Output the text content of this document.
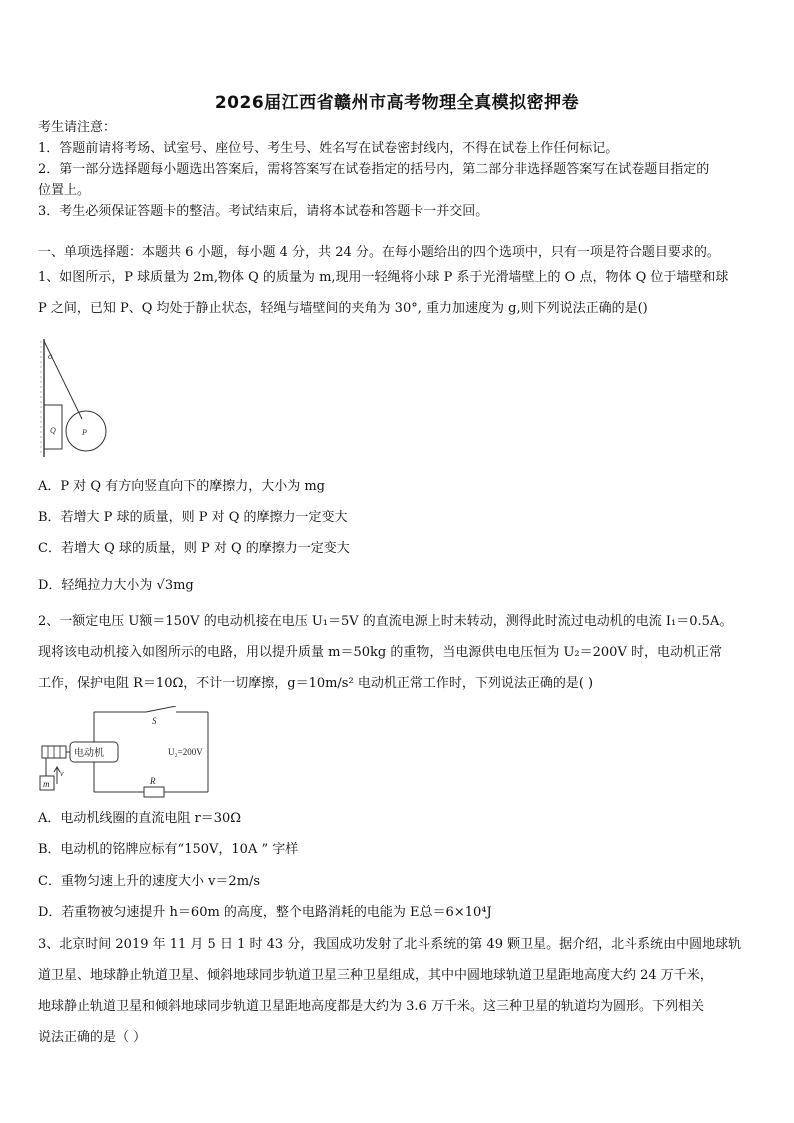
2026届江西省赣州市高考物理全真模拟密押卷
考生请注意：
1．答题前请将考场、试室号、座位号、考生号、姓名写在试卷密封线内，不得在试卷上作任何标记。
2．第一部分选择题每小题选出答案后，需将答案写在试卷指定的括号内，第二部分非选择题答案写在试卷题目指定的
位置上。
3．考生必须保证答题卡的整洁。考试结束后，请将本试卷和答题卡一并交回。
一、单项选择题：本题共 6 小题，每小题 4 分，共 24 分。在每小题给出的四个选项中，只有一项是符合题目要求的。
1、如图所示，P 球质量为 2m,物体 Q 的质量为 m,现用一轻绳将小球 P 系于光滑墙壁上的 O 点，物体 Q 位于墙壁和球
P 之间，已知 P、Q 均处于静止状态，轻绳与墙壁间的夹角为 30°, 重力加速度为 g,则下列说法正确的是()
o
Q	P
A．P 对 Q 有方向竖直向下的摩擦力，大小为 mg
B．若增大 P 球的质量，则 P 对 Q 的摩擦力一定变大
C．若增大 Q 球的质量，则 P 对 Q 的摩擦力一定变大
D．轻绳拉力大小为 √3mg
2、一额定电压 U额＝150V 的电动机接在电压 U₁＝5V 的直流电源上时未转动，测得此时流过电动机的电流 I₁＝0.5A。
现将该电动机接入如图所示的电路，用以提升质量 m＝50kg 的重物，当电源供电电压恒为 U₂＝200V 时，电动机正常
工作，保护电阻 R＝10Ω，不计一切摩擦，g＝10m/s² 电动机正常工作时，下列说法正确的是( )
电动机
m
v
S
U₂=200V
R
A．电动机线圈的直流电阻 r＝30Ω
B．电动机的铭牌应标有“150V，10A ” 字样
C．重物匀速上升的速度大小 v＝2m/s
D．若重物被匀速提升 h＝60m 的高度，整个电路消耗的电能为 E总＝6×10⁴J
3、北京时间 2019 年 11 月 5 日 1 时 43 分，我国成功发射了北斗系统的第 49 颗卫星。据介绍，北斗系统由中圆地球轨
道卫星、地球静止轨道卫星、倾斜地球同步轨道卫星三种卫星组成，其中中圆地球轨道卫星距地高度大约 24 万千米，
地球静止轨道卫星和倾斜地球同步轨道卫星距地高度都是大约为 3.6 万千米。这三种卫星的轨道均为圆形。下列相关
说法正确的是（ ）
